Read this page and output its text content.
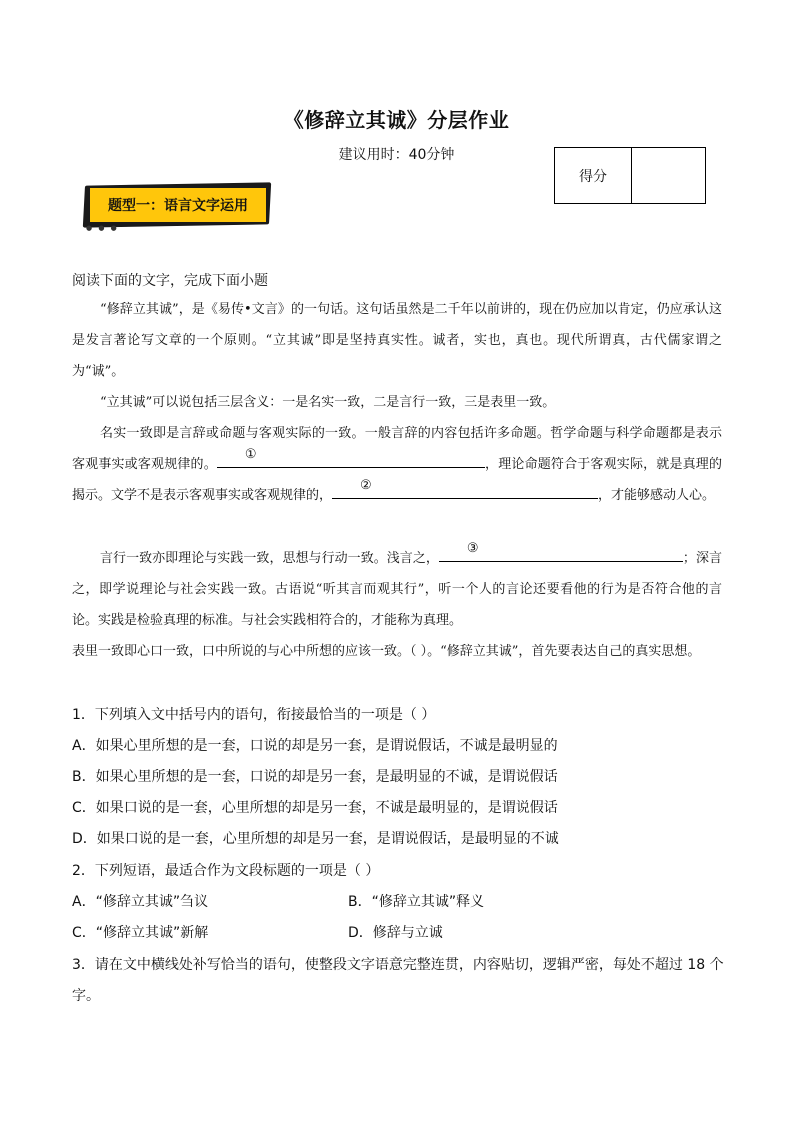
《修辞立其诚》分层作业
建议用时：40分钟
得分
题型一：语言文字运用
● ● ●
阅读下面的文字，完成下面小题

“修辞立其诚”，是《易传•文言》的一句话。这句话虽然是二千年以前讲的，现在仍应加以肯定，仍应承认这是发言著论写文章的一个原则。“立其诚”即是坚持真实性。诚者，实也，真也。现代所谓真，古代儒家谓之为“诚”。

“立其诚”可以说包括三层含义：一是名实一致，二是言行一致，三是表里一致。

名实一致即是言辞或命题与客观实际的一致。一般言辞的内容包括许多命题。哲学命题与科学命题都是表示客观事实或客观规律的。
①
，理论命题符合于客观实际，就是真理的揭示。文学不是表示客观事实或客观规律的，
②
，才能够感动人心。

言行一致亦即理论与实践一致，思想与行动一致。浅言之，
③
；深言之，即学说理论与社会实践一致。古语说“听其言而观其行”，听一个人的言论还要看他的行为是否符合他的言论。实践是检验真理的标准。与社会实践相符合的，才能称为真理。

表里一致即心口一致，口中所说的与心中所想的应该一致。（ ）。“修辞立其诚”，首先要表达自己的真实思想。

1．下列填入文中括号内的语句，衔接最恰当的一项是（ ）
A．如果心里所想的是一套，口说的却是另一套，是谓说假话，不诚是最明显的
B．如果心里所想的是一套，口说的却是另一套，是最明显的不诚，是谓说假话
C．如果口说的是一套，心里所想的却是另一套，不诚是最明显的，是谓说假话
D．如果口说的是一套，心里所想的却是另一套，是谓说假话，是最明显的不诚
2．下列短语，最适合作为文段标题的一项是（ ）
A．“修辞立其诚”刍议	B．“修辞立其诚”释义
C．“修辞立其诚”新解	D．修辞与立诚
3．请在文中横线处补写恰当的语句，使整段文字语意完整连贯，内容贴切，逻辑严密，每处不超过 18 个
字。
